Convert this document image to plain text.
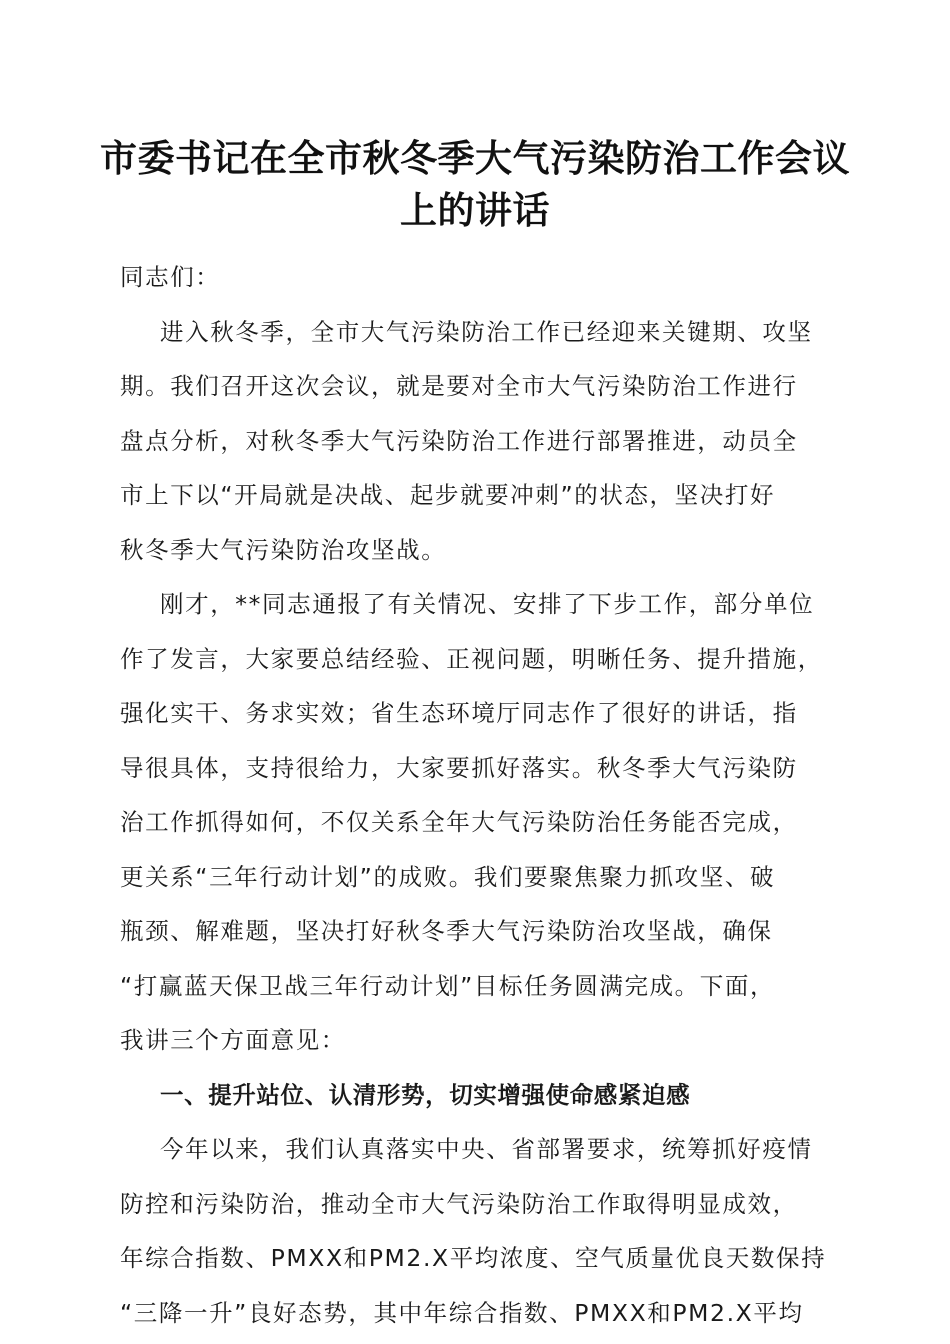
市委书记在全市秋冬季大气污染防治工作会议
上的讲话
同志们：
进入秋冬季，全市大气污染防治工作已经迎来关键期、攻坚
期。我们召开这次会议，就是要对全市大气污染防治工作进行
盘点分析，对秋冬季大气污染防治工作进行部署推进，动员全
市上下以“开局就是决战、起步就要冲刺”的状态，坚决打好
秋冬季大气污染防治攻坚战。
刚才，**同志通报了有关情况、安排了下步工作，部分单位
作了发言，大家要总结经验、正视问题，明晰任务、提升措施，
强化实干、务求实效；省生态环境厅同志作了很好的讲话，指
导很具体，支持很给力，大家要抓好落实。秋冬季大气污染防
治工作抓得如何，不仅关系全年大气污染防治任务能否完成，
更关系“三年行动计划”的成败。我们要聚焦聚力抓攻坚、破
瓶颈、解难题，坚决打好秋冬季大气污染防治攻坚战，确保
“打赢蓝天保卫战三年行动计划”目标任务圆满完成。下面，
我讲三个方面意见：
一、提升站位、认清形势，切实增强使命感紧迫感
今年以来，我们认真落实中央、省部署要求，统筹抓好疫情
防控和污染防治，推动全市大气污染防治工作取得明显成效，
年综合指数、PMXX和PM2.X平均浓度、空气质量优良天数保持
“三降一升”良好态势，其中年综合指数、PMXX和PM2.X平均
